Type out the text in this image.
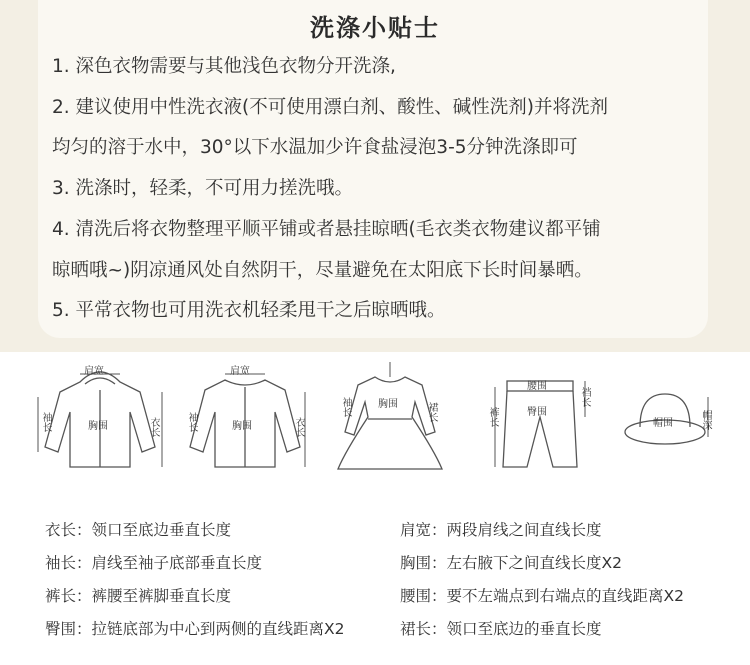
洗涤小贴士
1. 深色衣物需要与其他浅色衣物分开洗涤,
2. 建议使用中性洗衣液(不可使用漂白剂、酸性、碱性洗剂)并将洗剂
均匀的溶于水中，30°以下水温加少许食盐浸泡3-5分钟洗涤即可
3. 洗涤时，轻柔，不可用力搓洗哦。
4. 清洗后将衣物整理平顺平铺或者悬挂晾晒(毛衣类衣物建议都平铺
晾晒哦~)阴凉通风处自然阴干，尽量避免在太阳底下长时间暴晒。
5. 平常衣物也可用洗衣机轻柔甩干之后晾晒哦。
肩宽
胸围
袖长	衣长
肩宽
胸围
袖长	衣长
胸围
袖长	裙长
腰围
臀围
裤长
裆长
帽围	帽深
衣长：领口至底边垂直长度	肩宽：两段肩线之间直线长度
袖长：肩线至袖子底部垂直长度	胸围：左右腋下之间直线长度X2
裤长：裤腰至裤脚垂直长度	腰围：要不左端点到右端点的直线距离X2
臀围：拉链底部为中心到两侧的直线距离X2	裙长：领口至底边的垂直长度
